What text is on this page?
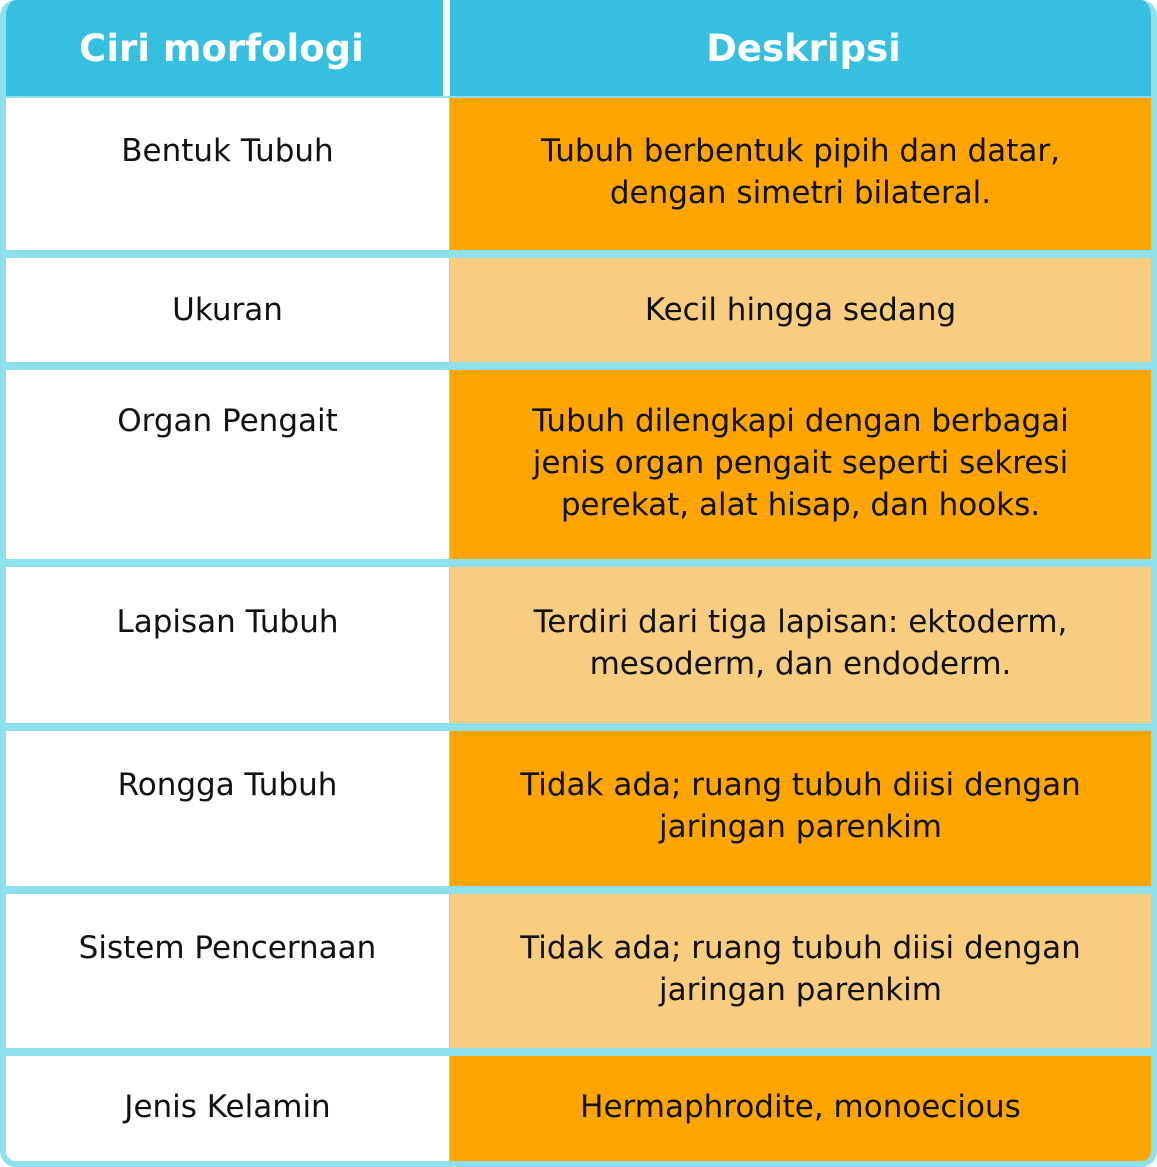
Ciri morfologi	Deskripsi
Bentuk Tubuh	Tubuh berbentuk pipih dan datar, dengan simetri bilateral.
Ukuran	Kecil hingga sedang
Organ Pengait	Tubuh dilengkapi dengan berbagai jenis organ pengait seperti sekresi perekat, alat hisap, dan hooks.
Lapisan Tubuh	Terdiri dari tiga lapisan: ektoderm, mesoderm, dan endoderm.
Rongga Tubuh	Tidak ada; ruang tubuh diisi dengan jaringan parenkim
Sistem Pencernaan	Tidak ada; ruang tubuh diisi dengan jaringan parenkim
Jenis Kelamin	Hermaphrodite, monoecious
